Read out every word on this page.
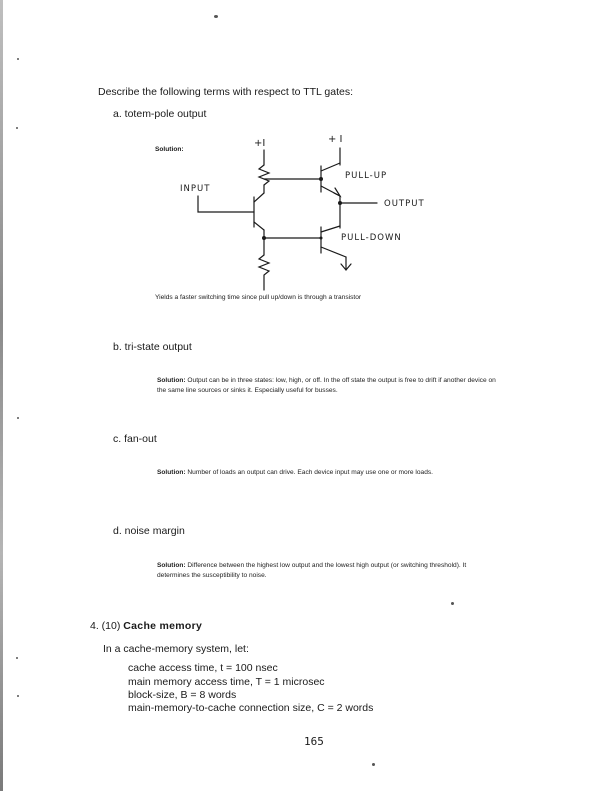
Describe the following terms with respect to TTL gates:
a. totem-pole output
Solution:
+I	+ I
PULL-UP
INPUT
OUTPUT
PULL-DOWN
Yields a faster switching time since pull up/down is through a transistor
b. tri-state output
Solution: Output can be in three states: low, high, or off. In the off state the output is free to drift if another device on the same line sources or sinks it. Especially useful for busses.
c. fan-out
Solution: Number of loads an output can drive. Each device input may use one or more loads.
d. noise margin
Solution: Difference between the highest low output and the lowest high output (or switching threshold). It determines the susceptibility to noise.
4. (10) Cache memory
In a cache-memory system, let:
cache access time, t = 100 nsec
main memory access time, T = 1 microsec
block-size, B = 8 words
main-memory-to-cache connection size, C = 2 words
165
